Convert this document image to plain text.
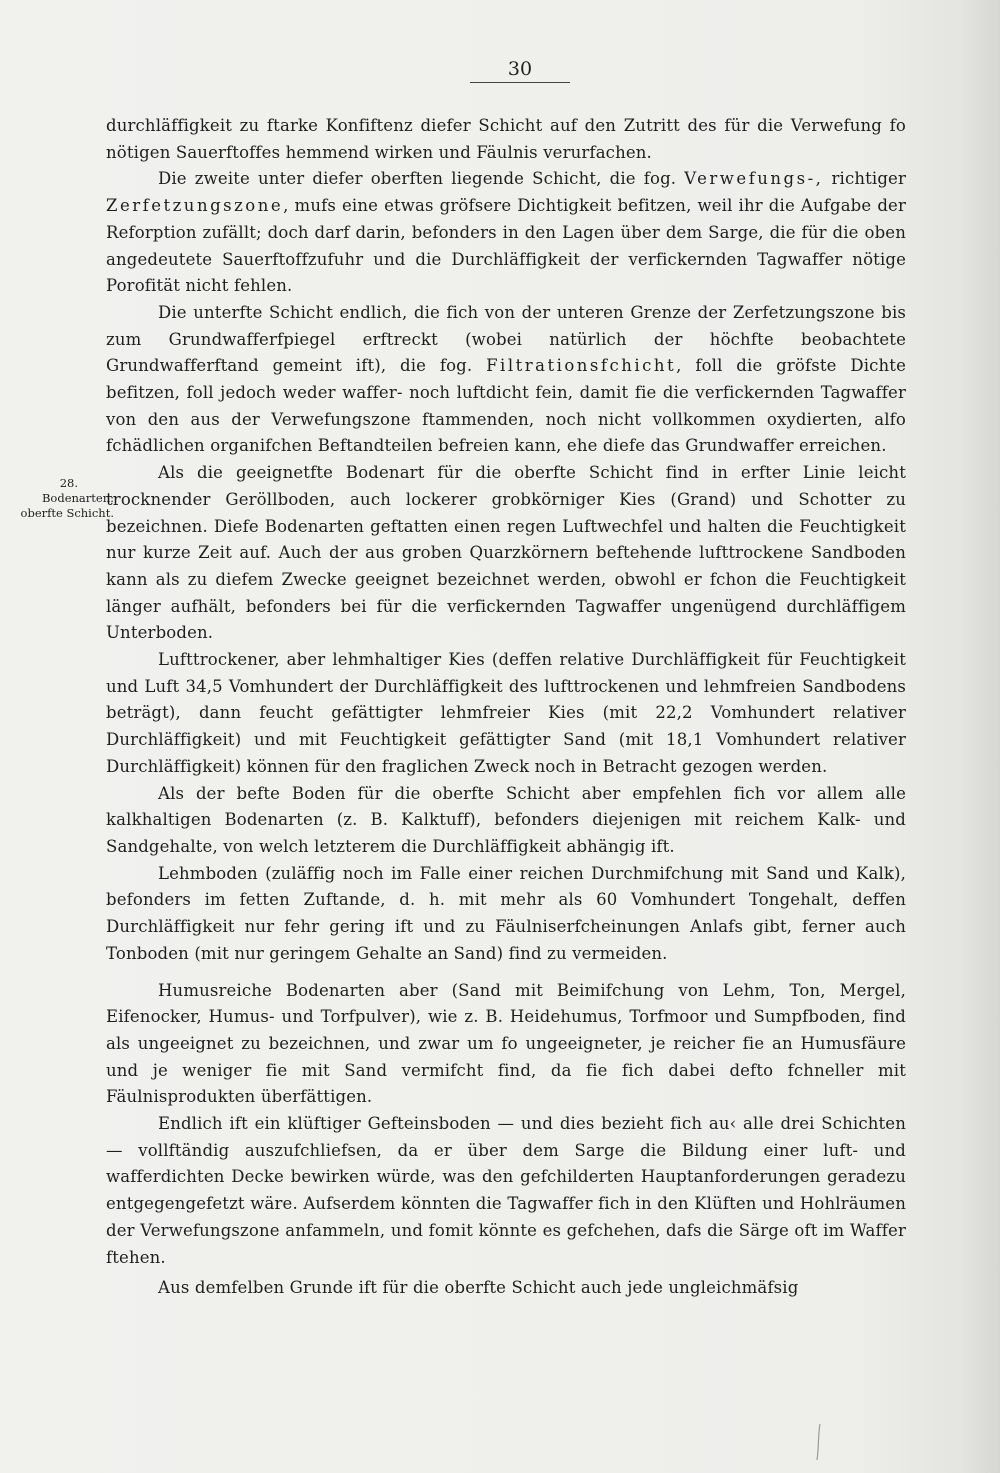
30
28.
Bodenarten:
oberfte Schicht.

durchläffigkeit zu ftarke Konfiftenz diefer Schicht auf den Zutritt des für die Verwefung fo nötigen Sauerftoffes hemmend wirken und Fäulnis verurfachen.

Die zweite unter diefer oberften liegende Schicht, die fog. Verwefungs-, richtiger Zerfetzungszone, mufs eine etwas gröfsere Dichtigkeit befitzen, weil ihr die Aufgabe der Reforption zufällt; doch darf darin, befonders in den Lagen über dem Sarge, die für die oben angedeutete Sauerftoffzufuhr und die Durchläffigkeit der verfickernden Tagwaffer nötige Porofität nicht fehlen.

Die unterfte Schicht endlich, die fich von der unteren Grenze der Zerfetzungszone bis zum Grundwafferfpiegel erftreckt (wobei natürlich der höchfte beobachtete Grundwafferftand gemeint ift), die fog. Filtrationsfchicht, foll die gröfste Dichte befitzen, foll jedoch weder waffer- noch luftdicht fein, damit fie die verfickernden Tagwaffer von den aus der Verwefungszone ftammenden, noch nicht vollkommen oxydierten, alfo fchädlichen organifchen Beftandteilen befreien kann, ehe diefe das Grundwaffer erreichen.

Als die geeignetfte Bodenart für die oberfte Schicht find in erfter Linie leicht trocknender Geröllboden, auch lockerer grobkörniger Kies (Grand) und Schotter zu bezeichnen. Diefe Bodenarten geftatten einen regen Luftwechfel und halten die Feuchtigkeit nur kurze Zeit auf. Auch der aus groben Quarzkörnern beftehende lufttrockene Sandboden kann als zu diefem Zwecke geeignet bezeichnet werden, obwohl er fchon die Feuchtigkeit länger aufhält, befonders bei für die verfickernden Tagwaffer ungenügend durchläffigem Unterboden.

Lufttrockener, aber lehmhaltiger Kies (deffen relative Durchläffigkeit für Feuchtigkeit und Luft 34,5 Vomhundert der Durchläffigkeit des lufttrockenen und lehmfreien Sandbodens beträgt), dann feucht gefättigter lehmfreier Kies (mit 22,2 Vomhundert relativer Durchläffigkeit) und mit Feuchtigkeit gefättigter Sand (mit 18,1 Vomhundert relativer Durchläffigkeit) können für den fraglichen Zweck noch in Betracht gezogen werden.

Als der befte Boden für die oberfte Schicht aber empfehlen fich vor allem alle kalkhaltigen Bodenarten (z. B. Kalktuff), befonders diejenigen mit reichem Kalk- und Sandgehalte, von welch letzterem die Durchläffigkeit abhängig ift.

Lehmboden (zuläffig noch im Falle einer reichen Durchmifchung mit Sand und Kalk), befonders im fetten Zuftande, d. h. mit mehr als 60 Vomhundert Tongehalt, deffen Durchläffigkeit nur fehr gering ift und zu Fäulniserfcheinungen Anlafs gibt, ferner auch Tonboden (mit nur geringem Gehalte an Sand) find zu vermeiden.

Humusreiche Bodenarten aber (Sand mit Beimifchung von Lehm, Ton, Mergel, Eifenocker, Humus- und Torfpulver), wie z. B. Heidehumus, Torfmoor und Sumpfboden, find als ungeeignet zu bezeichnen, und zwar um fo ungeeigneter, je reicher fie an Humusfäure und je weniger fie mit Sand vermifcht find, da fie fich dabei defto fchneller mit Fäulnisprodukten überfättigen.

Endlich ift ein klüftiger Gefteinsboden — und dies bezieht fich au‹ alle drei Schichten — vollftändig auszufchliefsen, da er über dem Sarge die Bildung einer luft- und wafferdichten Decke bewirken würde, was den gefchilderten Hauptanforderungen geradezu entgegengefetzt wäre. Aufserdem könnten die Tagwaffer fich in den Klüften und Hohlräumen der Verwefungszone anfammeln, und fomit könnte es gefchehen, dafs die Särge oft im Waffer ftehen.

Aus demfelben Grunde ift für die oberfte Schicht auch jede ungleichmäfsig
